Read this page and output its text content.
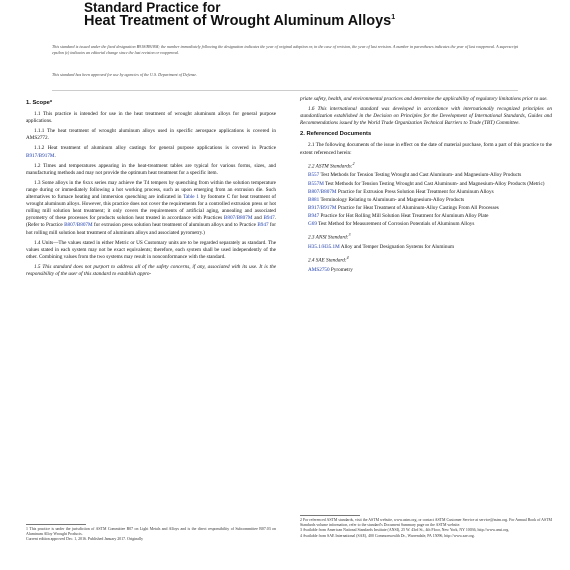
Standard Practice for
Heat Treatment of Wrought Aluminum Alloys$^1$
This standard is issued under the fixed designation B918/B918M; the number immediately following the designation indicates the year of original adoption or, in the case of revision, the year of last revision. A number in parentheses indicates the year of last reapproval. A superscript epsilon (ε) indicates an editorial change since the last revision or reapproval.
This standard has been approved for use by agencies of the U.S. Department of Defense.
1. Scope*

1.1 This practice is intended for use in the heat treatment of wrought aluminum alloys for general purpose applications.

1.1.1 The heat treatment of wrought aluminum alloys used in specific aerospace applications is covered in AMS2772.

1.1.2 Heat treatment of aluminum alloy castings for general purpose applications is covered in Practice B917/B917M.

1.2 Times and temperatures appearing in the heat-treatment tables are typical for various forms, sizes, and manufacturing methods and may not provide the optimum heat treatment for a specific item.

1.3 Some alloys in the 6xxx series may achieve the T4 tempers by quenching from within the solution temperature range during or immediately following a hot working process, such as upon emerging from an extrusion die. Such alternatives to furnace heating and immersion quenching are indicated in Table 1 by footnote C for heat treatment of wrought aluminum alloys. However, this practice does not cover the requirements for a controlled extrusion press or hot rolling mill solution heat treatment; it only covers the requirements of artificial aging, annealing and associated pyrometry of these processes for products solution heat treated in accordance with Practices B807/B807M and B947. (Refer to Practice B807/B807M for extrusion press solution heat treatment of aluminum alloys and to Practice B947 for hot rolling mill solution heat treatment of aluminum alloys and associated pyrometry.)

1.4 Units—The values stated in either Metric or US Customary units are to be regarded separately as standard. The values stated in each system may not be exact equivalents; therefore, each system shall be used independently of the other. Combining values from the two systems may result in nonconformance with the standard.

1.5 This standard does not purport to address all of the safety concerns, if any, associated with its use. It is the responsibility of the user of this standard to establish appro-

priate safety, health, and environmental practices and determine the applicability of regulatory limitations prior to use.

1.6 This international standard was developed in accordance with internationally recognized principles on standardization established in the Decision on Principles for the Development of International Standards, Guides and Recommendations issued by the World Trade Organization Technical Barriers to Trade (TBT) Committee.

2. Referenced Documents

2.1 The following documents of the issue in effect on the date of material purchase, form a part of this practice to the extent referenced herein:

2.2 ASTM Standards:$^2$
B557 Test Methods for Tension Testing Wrought and Cast Aluminum- and Magnesium-Alloy Products
B557M Test Methods for Tension Testing Wrought and Cast Aluminum- and Magnesium-Alloy Products (Metric)
B807/B807M Practice for Extrusion Press Solution Heat Treatment for Aluminum Alloys
B881 Terminology Relating to Aluminum- and Magnesium-Alloy Products
B917/B917M Practice for Heat Treatment of Aluminum-Alloy Castings From All Processes
B947 Practice for Hot Rolling Mill Solution Heat Treatment for Aluminum Alloy Plate
G69 Test Method for Measurement of Corrosion Potentials of Aluminum Alloys
2.3 ANSI Standard:$^3$
H35.1/H35.1M Alloy and Temper Designation Systems for Aluminum
2.4 SAE Standard:$^4$
AMS2750 Pyrometry
1 This practice is under the jurisdiction of ASTM Committee B07 on Light Metals and Alloys and is the direct responsibility of Subcommittee B07.03 on Aluminum Alloy Wrought Products.
Current edition approved Dec. 1, 2016. Published January 2017. Originally
2 For referenced ASTM standards, visit the ASTM website, www.astm.org, or contact ASTM Customer Service at service@astm.org. For Annual Book of ASTM Standards volume information, refer to the standard's Document Summary page on the ASTM website.
3 Available from American National Standards Institute (ANSI), 25 W. 43rd St., 4th Floor, New York, NY 10036, http://www.ansi.org.
4 Available from SAE International (SAE), 400 Commonwealth Dr., Warrendale, PA 15096, http://www.sae.org.
